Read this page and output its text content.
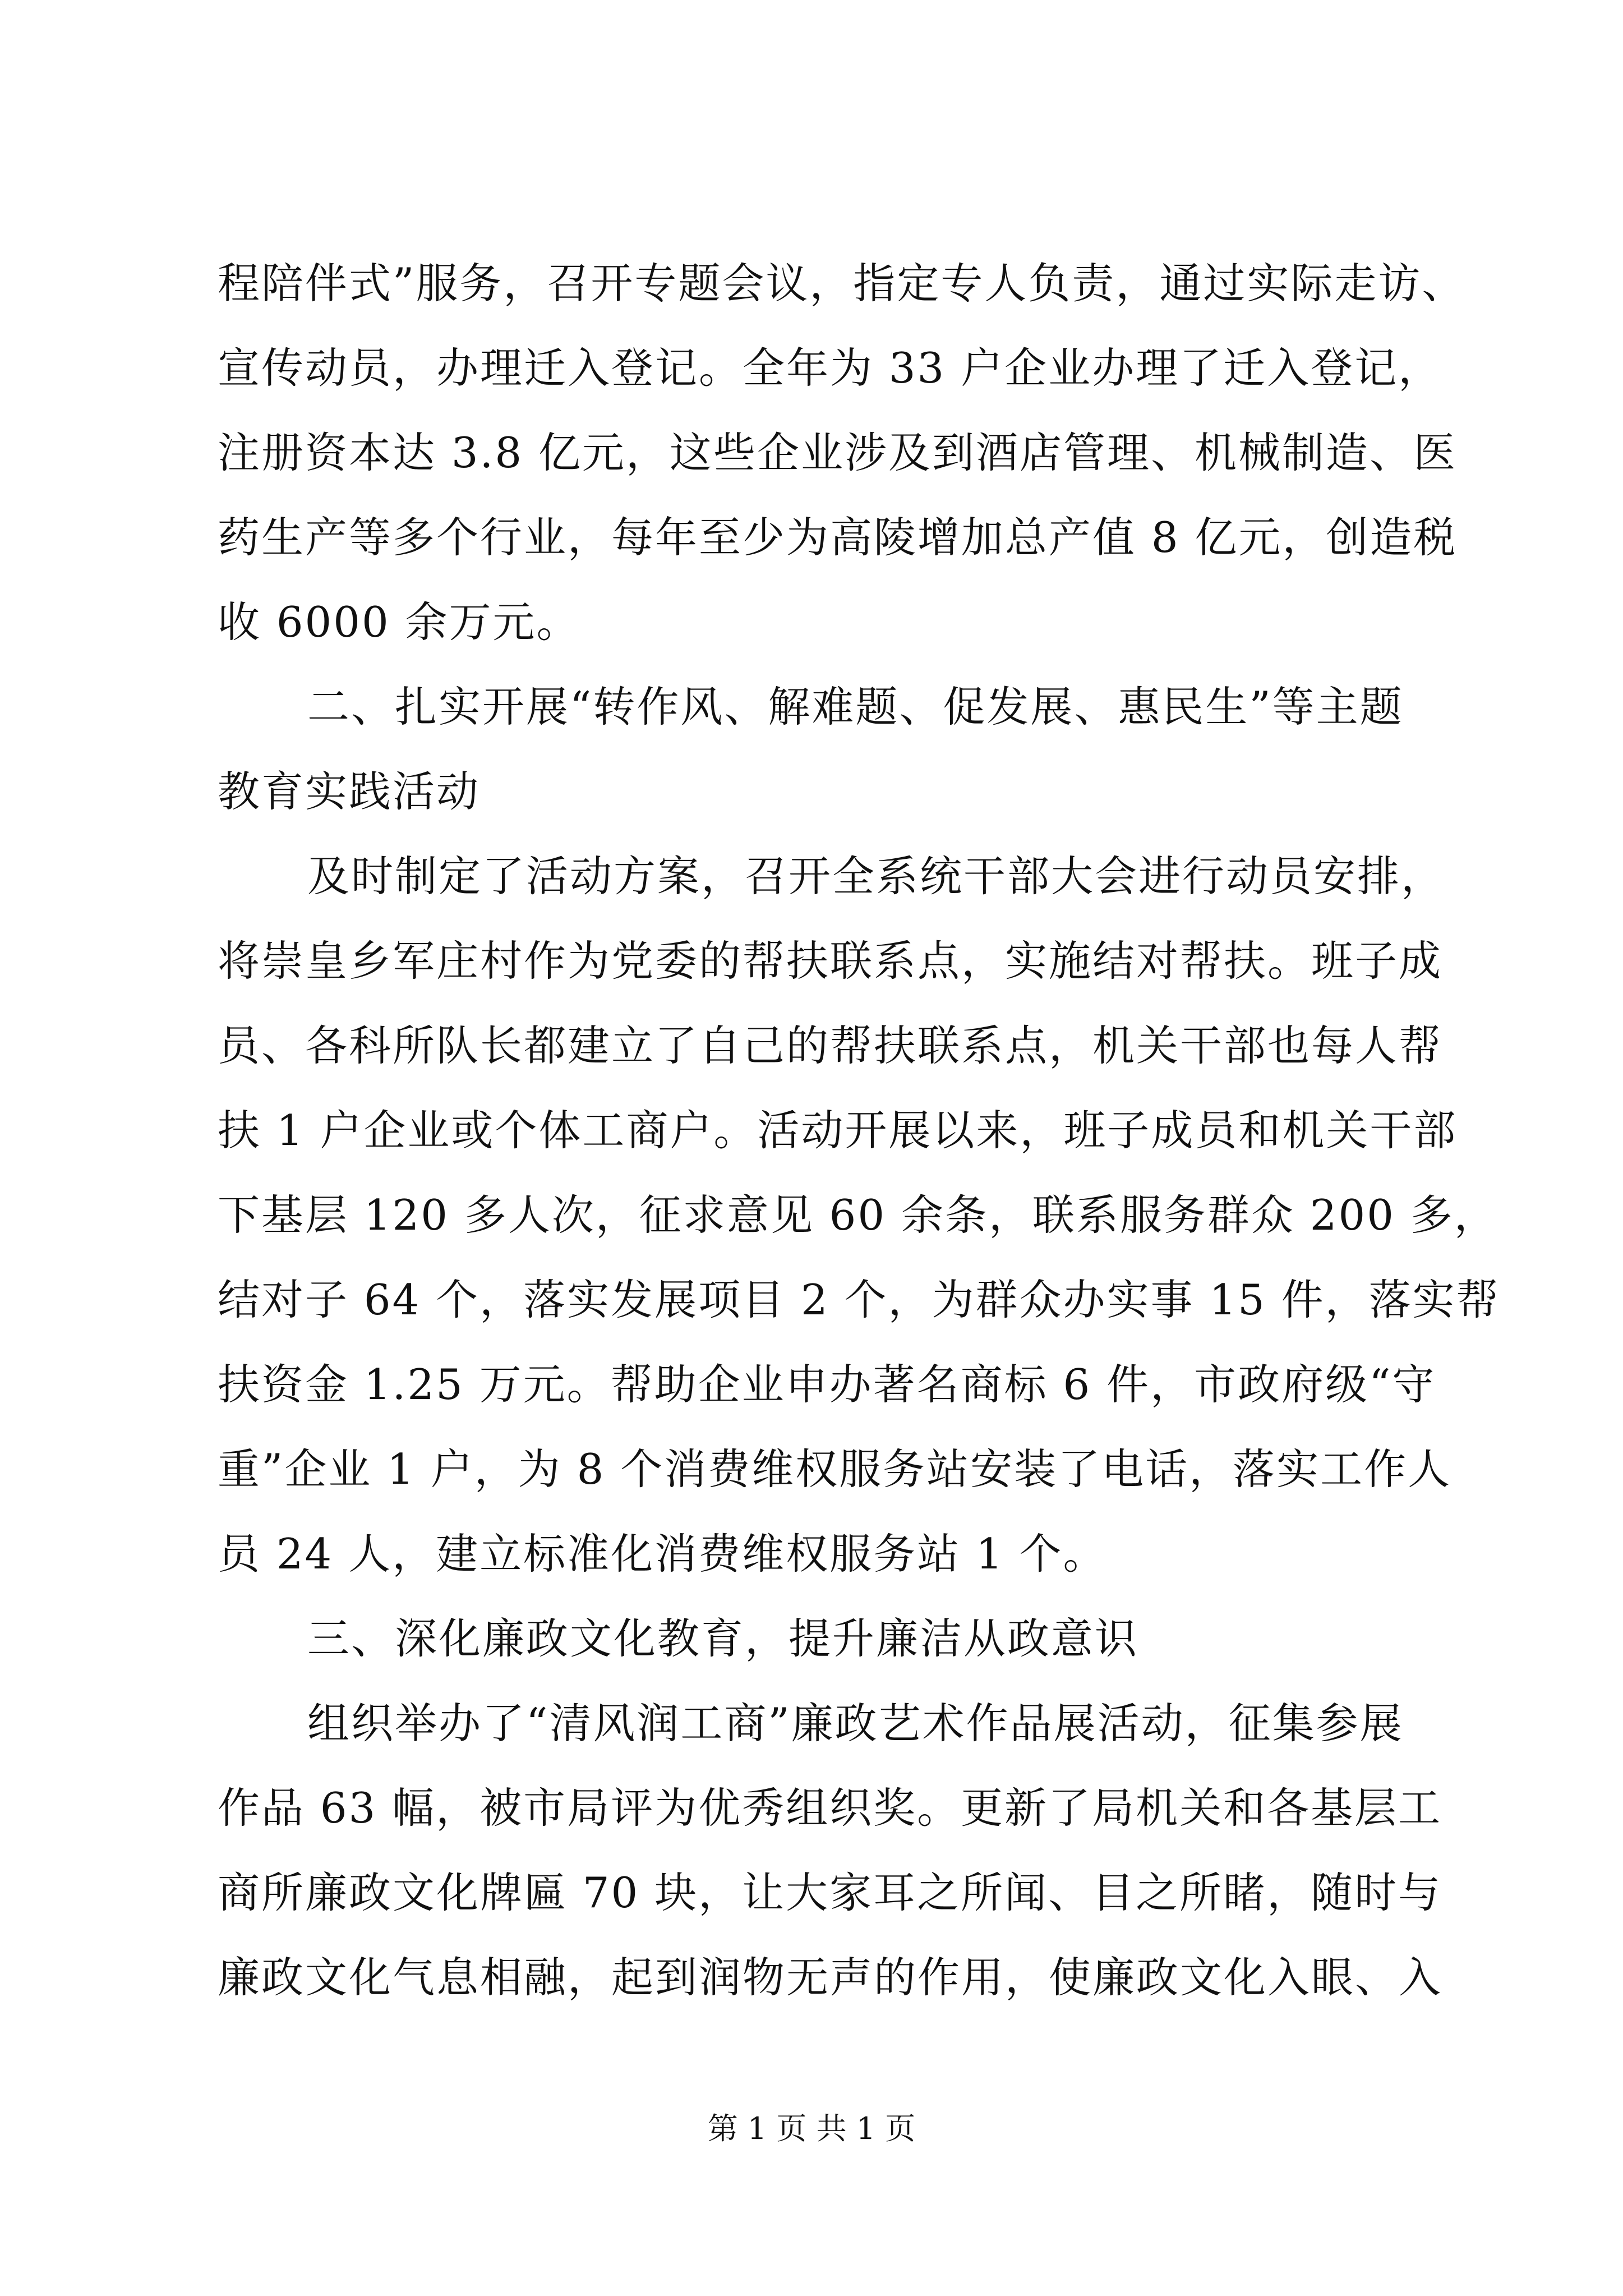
程陪伴式”服务，召开专题会议，指定专人负责，通过实际走访、
宣传动员，办理迁入登记。全年为 33 户企业办理了迁入登记，
注册资本达 3.8 亿元，这些企业涉及到酒店管理、机械制造、医
药生产等多个行业，每年至少为高陵增加总产值 8 亿元，创造税
收 6000 余万元。
二、扎实开展“转作风、解难题、促发展、惠民生”等主题
教育实践活动
及时制定了活动方案，召开全系统干部大会进行动员安排，
将崇皇乡军庄村作为党委的帮扶联系点，实施结对帮扶。班子成
员、各科所队长都建立了自己的帮扶联系点，机关干部也每人帮
扶 1 户企业或个体工商户。活动开展以来，班子成员和机关干部
下基层 120 多人次，征求意见 60 余条，联系服务群众 200 多，
结对子 64 个，落实发展项目 2 个，为群众办实事 15 件，落实帮
扶资金 1.25 万元。帮助企业申办著名商标 6 件，市政府级“守
重”企业 1 户，为 8 个消费维权服务站安装了电话，落实工作人
员 24 人，建立标准化消费维权服务站 1 个。
三、深化廉政文化教育，提升廉洁从政意识
组织举办了“清风润工商”廉政艺术作品展活动，征集参展
作品 63 幅，被市局评为优秀组织奖。更新了局机关和各基层工
商所廉政文化牌匾 70 块，让大家耳之所闻、目之所睹，随时与
廉政文化气息相融，起到润物无声的作用，使廉政文化入眼、入
第 1 页 共 1 页
